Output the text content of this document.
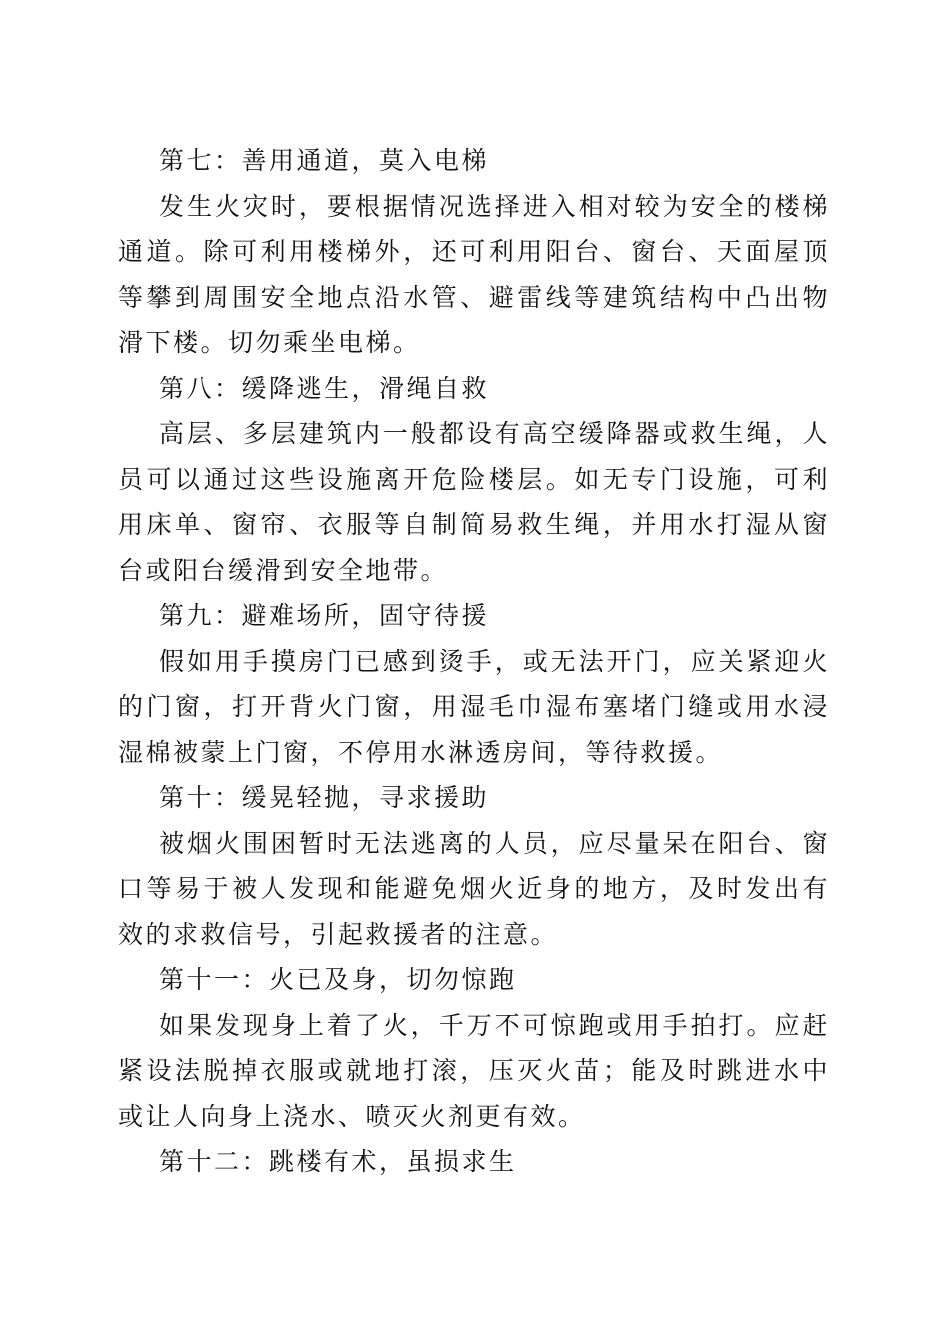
第七：善用通道，莫入电梯

发生火灾时，要根据情况选择进入相对较为安全的楼梯通道。除可利用楼梯外，还可利用阳台、窗台、天面屋顶等攀到周围安全地点沿水管、避雷线等建筑结构中凸出物滑下楼。切勿乘坐电梯。

第八：缓降逃生，滑绳自救

高层、多层建筑内一般都设有高空缓降器或救生绳，人员可以通过这些设施离开危险楼层。如无专门设施，可利用床单、窗帘、衣服等自制简易救生绳，并用水打湿从窗台或阳台缓滑到安全地带。

第九：避难场所，固守待援

假如用手摸房门已感到烫手，或无法开门，应关紧迎火的门窗，打开背火门窗，用湿毛巾湿布塞堵门缝或用水浸湿棉被蒙上门窗，不停用水淋透房间，等待救援。

第十：缓晃轻抛，寻求援助

被烟火围困暂时无法逃离的人员，应尽量呆在阳台、窗口等易于被人发现和能避免烟火近身的地方，及时发出有效的求救信号，引起救援者的注意。

第十一：火已及身，切勿惊跑

如果发现身上着了火，千万不可惊跑或用手拍打。应赶紧设法脱掉衣服或就地打滚，压灭火苗；能及时跳进水中或让人向身上浇水、喷灭火剂更有效。

第十二：跳楼有术，虽损求生
